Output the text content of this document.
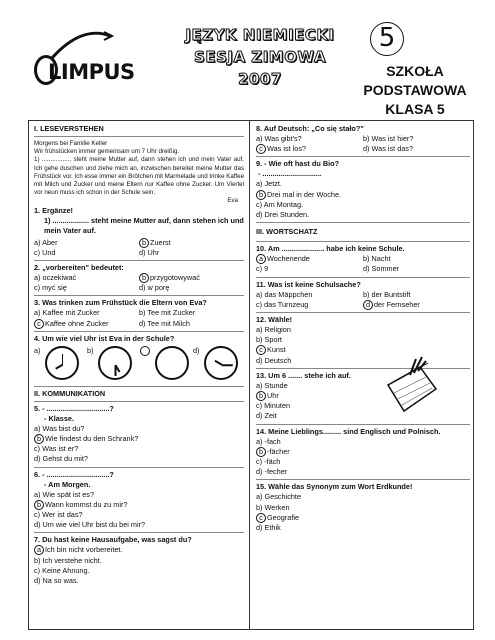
LIMPUS
JĘZYK NIEMIECKI
SESJA ZIMOWA
2007
5
SZKOŁA
PODSTAWOWA
KLASA 5
I. LESEVERSTEHEN
Morgens bei Familie Keller
Wir frühstücken immer gemeinsam um 7 Uhr dreißig.
1) ................. steht meine Mutter auf, dann stehen ich und mein Vater auf. Ich gehe duschen und ziehe mich an, inzwischen bereitet meine Mutter das Frühstück vor. Ich esse immer ein Brötchen mit Marmelade und trinke Kaffee mit Milch und Zucker und meine Eltern nur Kaffee ohne Zucker. Um Viertel vor neun muss ich schon in der Schule sein.
Eva
1. Ergänze!
1) .................. steht meine Mutter auf, dann stehen ich und mein Vater auf.
a) Aber	b Zuerst
c) Und	d) Uhr
2. „vorbereiten" bedeutet:
a) oczekiwać	b przygotowywać
c) myć się	d) w porę
3. Was trinken zum Frühstück die Eltern von Eva?
a) Kaffee mit Zucker	b) Tee mit Zucker
c Kaffee ohne Zucker	d) Tee mit Milch
4. Um wie viel Uhr ist Eva in der Schule?
a)	b)	d)
II. KOMMUNIKATION
5. - ...............................?
- Klasse.
a) Was bist du?
b Wie findest du den Schrank?
c) Was ist er?
d) Gehst du mit?
6. - ...............................?
- Am Morgen.
a) Wie spät ist es?
b Wann kommst du zu mir?
c) Wer ist das?
d) Um wie viel Uhr bist du bei mir?
7. Du hast keine Hausaufgabe, was sagst du?
a Ich bin nicht vorbereitet.
b) Ich verstehe nicht.
c) Keine Ahnung.
d) Na so was.
8. Auf Deutsch: „Co się stało?"
a) Was gibt's?	b) Was ist hier?
c Was ist los?	d) Was ist das?
9. - Wie oft hast du Bio?
- .............................
a) Jetzt.
b Drei mal in der Woche.
c) Am Montag.
d) Drei Stunden.
III. WORTSCHATZ
10. Am ..................... habe ich keine Schule.
a Wochenende	b) Nacht
c) 9	d) Sommer
11. Was ist keine Schulsache?
a) das Mäppchen	b) der Buntstift
c) das Turnzeug	d der Fernseher
12. Wähle!
a) Religion
b) Sport
c Kunst
d) Deutsch
13. Um 6 ....... stehe ich auf.
a) Stunde
b Uhr
c) Minuten
d) Zeit
14. Meine Lieblings......... sind Englisch und Polnisch.
a) -fach
b -fächer
c) -fäch
d) -fecher
15. Wähle das Synonym zum Wort Erdkunde!
a) Geschichte
b) Werken
c Geografie
d) Ethik
